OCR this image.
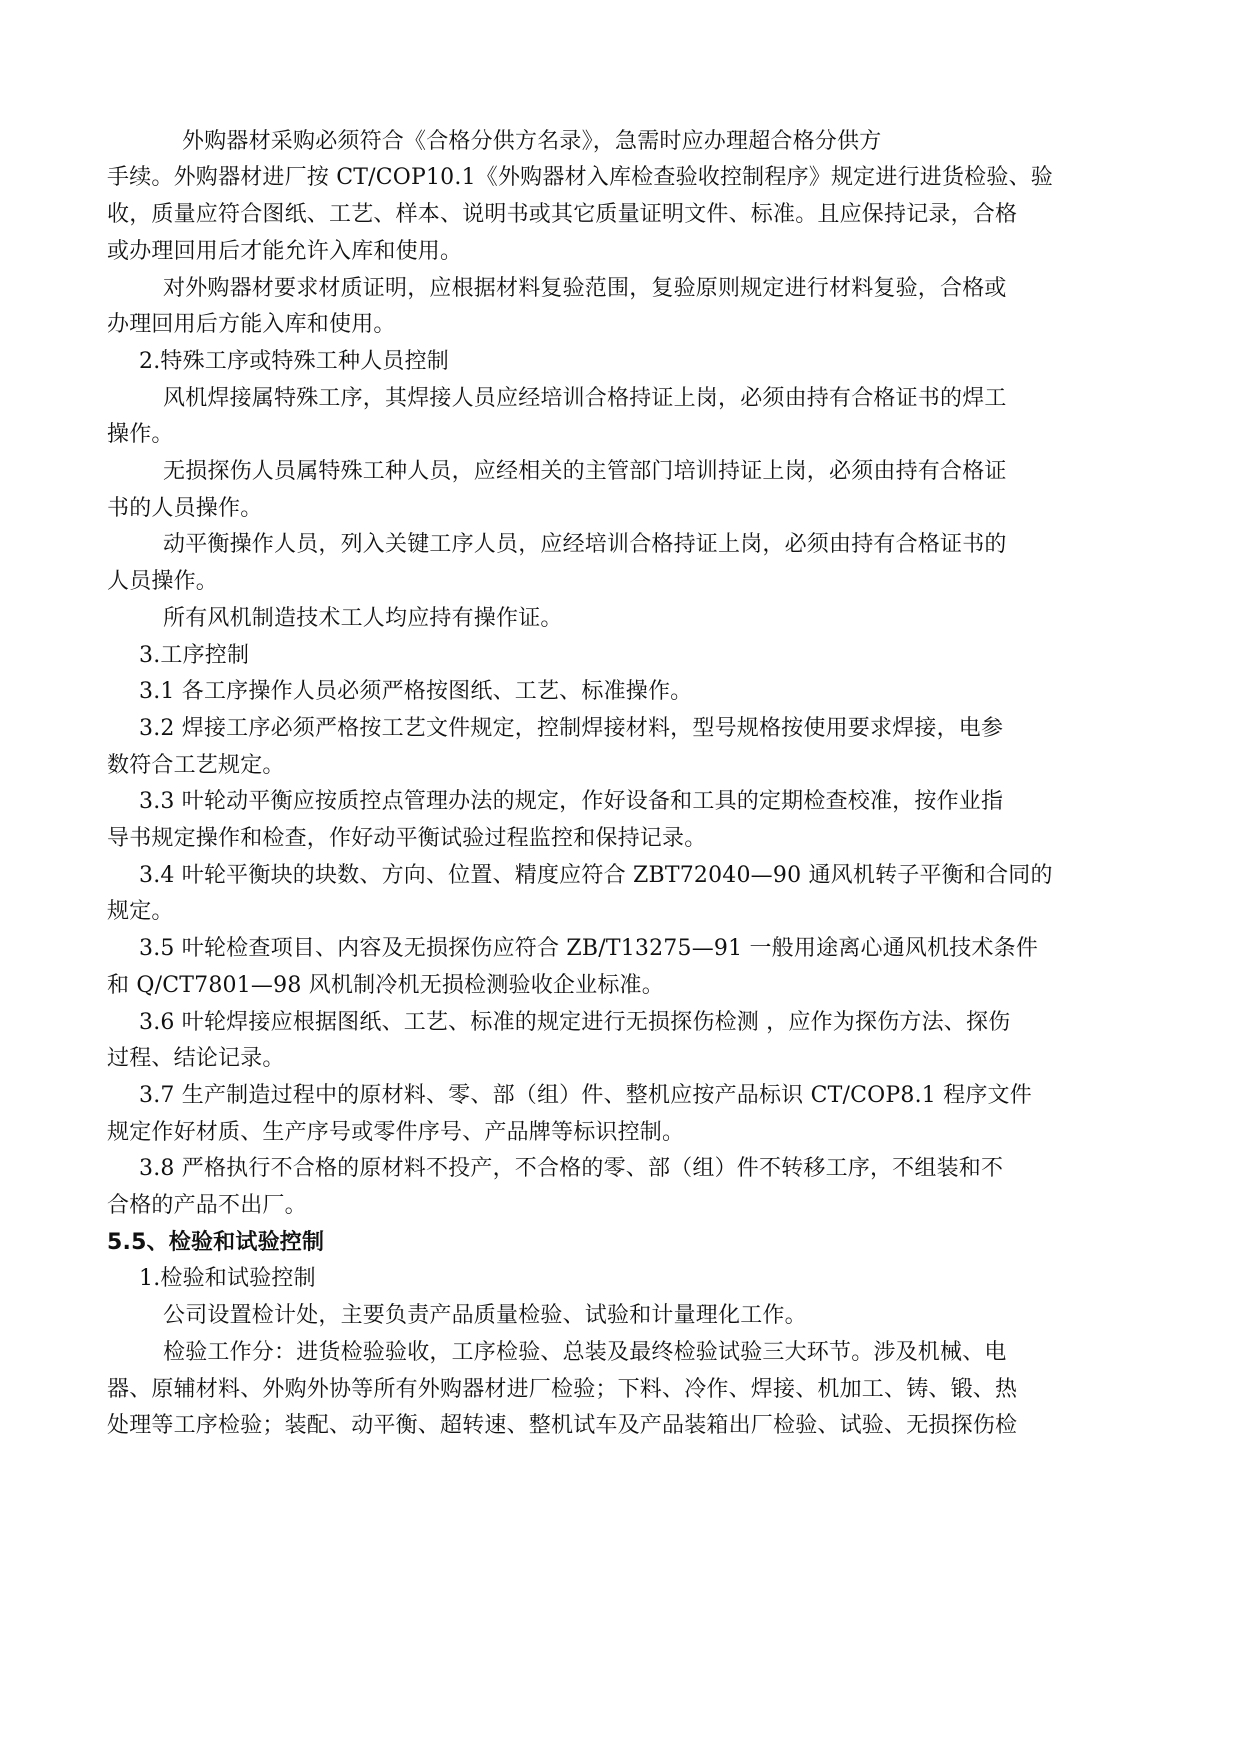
外购器材采购必须符合《合格分供方名录》，急需时应办理超合格分供方
手续。外购器材进厂按 CT/COP10.1《外购器材入库检查验收控制程序》规定进行进货检验、验
收，质量应符合图纸、工艺、样本、说明书或其它质量证明文件、标准。且应保持记录，合格
或办理回用后才能允许入库和使用。
对外购器材要求材质证明，应根据材料复验范围，复验原则规定进行材料复验，合格或
办理回用后方能入库和使用。
2.特殊工序或特殊工种人员控制
风机焊接属特殊工序，其焊接人员应经培训合格持证上岗，必须由持有合格证书的焊工
操作。
无损探伤人员属特殊工种人员，应经相关的主管部门培训持证上岗，必须由持有合格证
书的人员操作。
动平衡操作人员，列入关键工序人员，应经培训合格持证上岗，必须由持有合格证书的
人员操作。
所有风机制造技术工人均应持有操作证。
3.工序控制
3.1 各工序操作人员必须严格按图纸、工艺、标准操作。
3.2 焊接工序必须严格按工艺文件规定，控制焊接材料，型号规格按使用要求焊接，电参
数符合工艺规定。
3.3 叶轮动平衡应按质控点管理办法的规定，作好设备和工具的定期检查校准，按作业指
导书规定操作和检查，作好动平衡试验过程监控和保持记录。
3.4 叶轮平衡块的块数、方向、位置、精度应符合 ZBT72040—90 通风机转子平衡和合同的
规定。
3.5 叶轮检查项目、内容及无损探伤应符合 ZB/T13275—91 一般用途离心通风机技术条件
和 Q/CT7801—98 风机制冷机无损检测验收企业标准。
3.6 叶轮焊接应根据图纸、工艺、标准的规定进行无损探伤检测 ，应作为探伤方法、探伤
过程、结论记录。
3.7 生产制造过程中的原材料、零、部（组）件、整机应按产品标识 CT/COP8.1 程序文件
规定作好材质、生产序号或零件序号、产品牌等标识控制。
3.8 严格执行不合格的原材料不投产，不合格的零、部（组）件不转移工序，不组装和不
合格的产品不出厂。
5.5、检验和试验控制
1.检验和试验控制
公司设置检计处，主要负责产品质量检验、试验和计量理化工作。
检验工作分：进货检验验收，工序检验、总装及最终检验试验三大环节。涉及机械、电
器、原辅材料、外购外协等所有外购器材进厂检验；下料、冷作、焊接、机加工、铸、锻、热
处理等工序检验；装配、动平衡、超转速、整机试车及产品装箱出厂检验、试验、无损探伤检
